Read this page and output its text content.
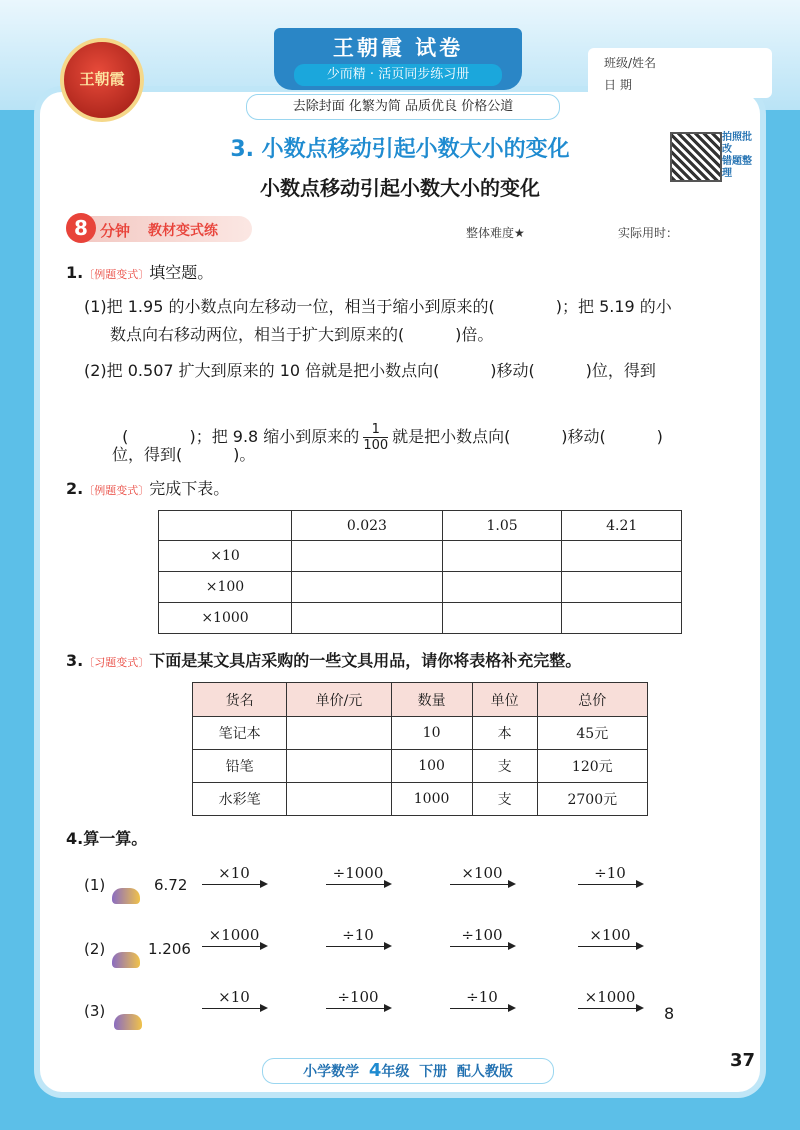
王朝霞
王朝霞 试卷
少而精 · 活页同步练习册
去除封面 化繁为简 品质优良 价格公道
班级/姓名
日 期
3. 小数点移动引起小数大小的变化	拍照批改
错题整理
小数点移动引起小数大小的变化
8 分钟 教材变式练	整体难度★	实际用时：
1.〔例题变式〕填空题。
(1)把 1.95 的小数点向左移动一位，相当于缩小到原来的(            )；把 5.19 的小
数点向右移动两位，相当于扩大到原来的(          )倍。
(2)把 0.507 扩大到原来的 10 倍就是把小数点向(          )移动(          )位，得到

(            )；把 9.8 缩小到原来的 $\frac{1}{100}$ 就是把小数点向(          )移动(          )

位，得到(          )。
2.〔例题变式〕完成下表。
	0.023	1.05	4.21
×10			
×100			
×1000			
3.〔习题变式〕下面是某文具店采购的一些文具用品，请你将表格补充完整。
货名	单价/元	数量	单位	总价
笔记本		10	本	45元
铅笔		100	支	120元
水彩笔		1000	支	2700元
4.算一算。
(1)	6.72
×10	÷1000	×100	÷10
(2)	1.206
×1000	÷10	÷100	×100
(3)
×10	÷100	÷10	×1000
8
小学数学 4年级 下册 配人教版
37
